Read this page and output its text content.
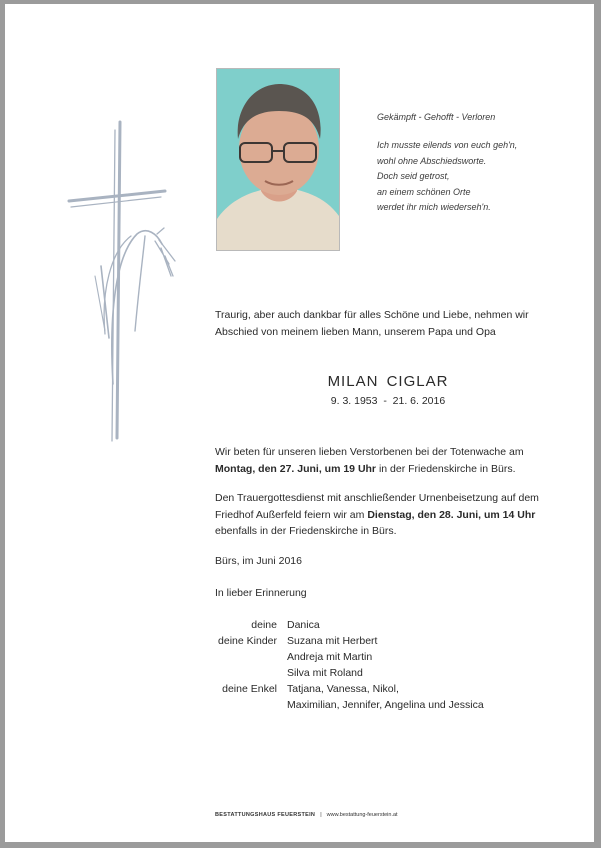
Gekämpft - Gehofft - Verloren
Ich musste eilends von euch geh'n,
wohl ohne Abschiedsworte.
Doch seid getrost,
an einem schönen Orte
werdet ihr mich wiederseh'n.
Traurig, aber auch dankbar für alles Schöne und Liebe, nehmen wir Abschied von meinem lieben Mann, unserem Papa und Opa
MILAN CIGLAR
9. 3. 1953  -  21. 6. 2016
Wir beten für unseren lieben Verstorbenen bei der Totenwache am Montag, den 27. Juni, um 19 Uhr in der Friedenskirche in Bürs.
Den Trauergottesdienst mit anschließender Urnenbeisetzung auf dem Friedhof Außerfeld feiern wir am Dienstag, den 28. Juni, um 14 Uhr ebenfalls in der Friedenskirche in Bürs.
Bürs, im Juni 2016
In lieber Erinnerung
deine	Danica
deine Kinder	Suzana mit Herbert
	Andreja mit Martin
	Silva mit Roland
deine Enkel	Tatjana, Vanessa, Nikol,
	Maximilian, Jennifer, Angelina und Jessica
BESTATTUNGSHAUS FEUERSTEIN | www.bestattung-feuerstein.at
